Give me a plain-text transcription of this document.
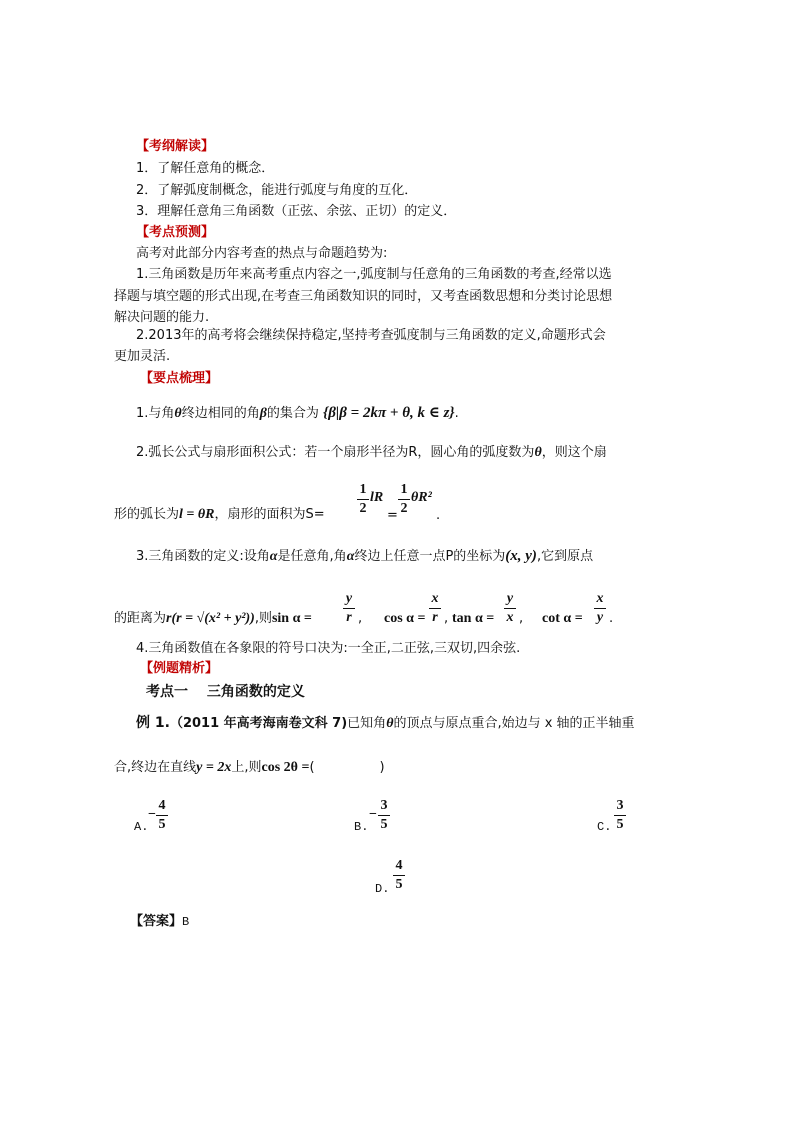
【考纲解读】
1．了解任意角的概念．
2．了解弧度制概念，能进行弧度与角度的互化．
3．理解任意角三角函数（正弦、余弦、正切）的定义．
【考点预测】
高考对此部分内容考查的热点与命题趋势为:
1.三角函数是历年来高考重点内容之一,弧度制与任意角的三角函数的考查,经常以选
择题与填空题的形式出现,在考查三角函数知识的同时，又考查函数思想和分类讨论思想
解决问题的能力.
2.2013年的高考将会继续保持稳定,坚持考查弧度制与三角函数的定义,命题形式会
更加灵活.
【要点梳理】
1.与角θ终边相同的角β的集合为 {β|β = 2kπ + θ, k ∈ z}.
2.弧长公式与扇形面积公式：若一个扇形半径为R，圆心角的弧度数为θ，则这个扇
形的弧长为l = θR，扇形的面积为S=
1
2
lR
=
1
2
θR²
.
3.三角函数的定义:设角α是任意角,角α终边上任意一点P的坐标为(x, y),它到原点
的距离为r(r = √(x² + y²)),则sin α =
y
r , cos α =
x
r , tan α =
y
x , cot α =
x
y .
4.三角函数值在各象限的符号口决为:一全正,二正弦,三双切,四余弦.
【例题精析】
考点一　 三角函数的定义
例 1.（2011 年高考海南卷文科 7)已知角θ的顶点与原点重合,始边与 x 轴的正半轴重
合,终边在直线y = 2x上,则cos 2θ =(　　　　　)
A.
−
4
5	B.
−
3
5	C.
3
5
D.
4
5
【答案】B
